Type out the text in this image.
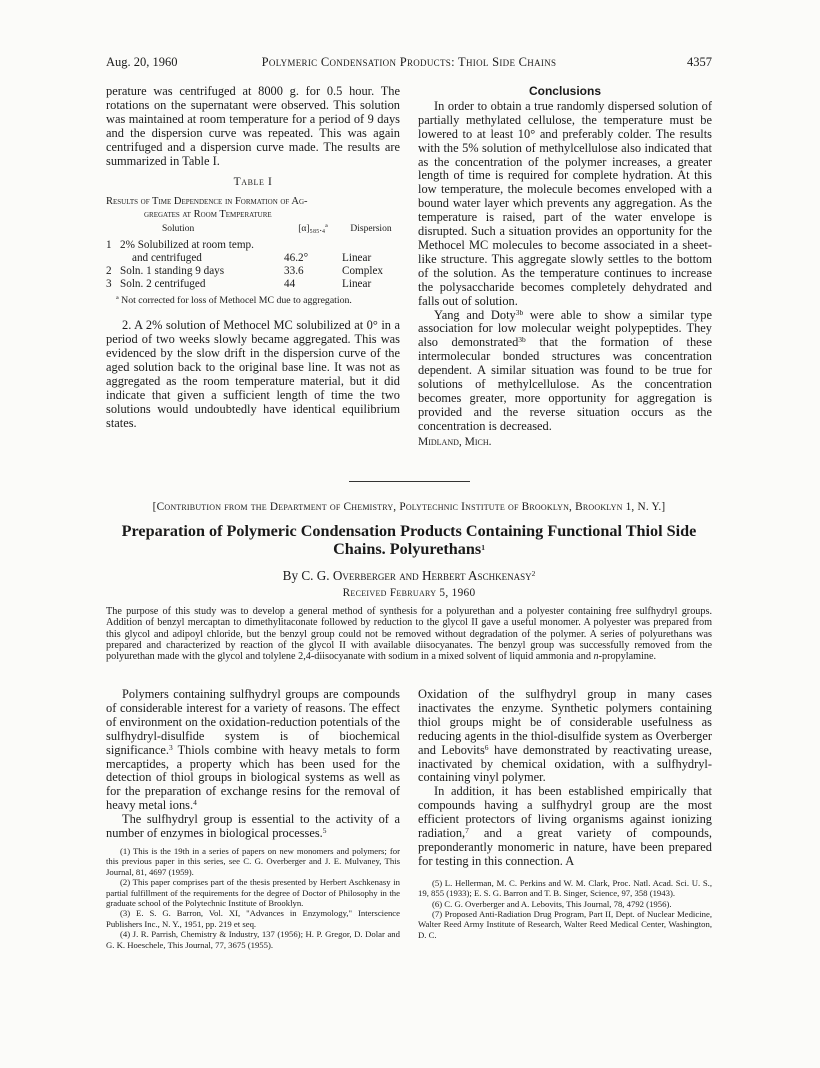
Aug. 20, 1960	Polymeric Condensation Products: Thiol Side Chains	4357

perature was centrifuged at 8000 g. for 0.5 hour. The rotations on the supernatant were observed. This solution was maintained at room temperature for a period of 9 days and the dispersion curve was repeated. This was again centrifuged and a dispersion curve made. The results are summarized in Table I.

Table I
Results of Time Dependence in Formation of Ag-
gregates at Room Temperature
	Solution	[α]₅₈₅.₄ª	Dispersion
1	2% Solubilized at room temp.		
	and centrifuged	46.2°	Linear
2	Soln. 1 standing 9 days	33.6	Complex
3	Soln. 2 centrifuged	44	Linear
ª Not corrected for loss of Methocel MC due to aggregation.

2. A 2% solution of Methocel MC solubilized at 0° in a period of two weeks slowly became aggregated. This was evidenced by the slow drift in the dispersion curve of the aged solution back to the original base line. It was not as aggregated as the room temperature material, but it did indicate that given a sufficient length of time the two solutions would undoubtedly have identical equilibrium states.

Conclusions

In order to obtain a true randomly dispersed solution of partially methylated cellulose, the temperature must be lowered to at least 10° and preferably colder. The results with the 5% solution of methylcellulose also indicated that as the concentration of the polymer increases, a greater length of time is required for complete hydration. At this low temperature, the molecule becomes enveloped with a bound water layer which prevents any aggregation. As the temperature is raised, part of the water envelope is disrupted. Such a situation provides an opportunity for the Methocel MC molecules to become associated in a sheet-like structure. This aggregate slowly settles to the bottom of the solution. As the temperature continues to increase the polysaccharide becomes completely dehydrated and falls out of solution.

Yang and Doty$^{3b}$ were able to show a similar type association for low molecular weight polypeptides. They also demonstrated$^{3b}$ that the formation of these intermolecular bonded structures was concentration dependent. A similar situation was found to be true for solutions of methylcellulose. As the concentration becomes greater, more opportunity for aggregation is provided and the reverse situation occurs as the concentration is decreased.

Midland, Mich.
[Contribution from the Department of Chemistry, Polytechnic Institute of Brooklyn, Brooklyn 1, N. Y.]
Preparation of Polymeric Condensation Products Containing Functional Thiol Side Chains. Polyurethans$^1$
By C. G. Overberger and Herbert Aschkenasy$^2$
Received February 5, 1960
The purpose of this study was to develop a general method of synthesis for a polyurethan and a polyester containing free sulfhydryl groups. Addition of benzyl mercaptan to dimethylitaconate followed by reduction to the glycol II gave a useful monomer. A polyester was prepared from this glycol and adipoyl chloride, but the benzyl group could not be removed without degradation of the polymer. A series of polyurethans was prepared and characterized by reaction of the glycol II with available diisocyanates. The benzyl group was successfully removed from the polyurethan made with the glycol and tolylene 2,4-diisocyanate with sodium in a mixed solvent of liquid ammonia and n-propylamine.

Polymers containing sulfhydryl groups are compounds of considerable interest for a variety of reasons. The effect of environment on the oxidation-reduction potentials of the sulfhydryl-disulfide system is of biochemical significance.$^3$ Thiols combine with heavy metals to form mercaptides, a property which has been used for the detection of thiol groups in biological systems as well as for the preparation of exchange resins for the removal of heavy metal ions.$^4$

The sulfhydryl group is essential to the activity of a number of enzymes in biological processes.$^5$

(1) This is the 19th in a series of papers on new monomers and polymers; for this previous paper in this series, see C. G. Overberger and J. E. Mulvaney, This Journal, 81, 4697 (1959).

(2) This paper comprises part of the thesis presented by Herbert Aschkenasy in partial fulfillment of the requirements for the degree of Doctor of Philosophy in the graduate school of the Polytechnic Institute of Brooklyn.

(3) E. S. G. Barron, Vol. XI, "Advances in Enzymology," Interscience Publishers Inc., N. Y., 1951, pp. 219 et seq.

(4) J. R. Parrish, Chemistry & Industry, 137 (1956); H. P. Gregor, D. Dolar and G. K. Hoeschele, This Journal, 77, 3675 (1955).

Oxidation of the sulfhydryl group in many cases inactivates the enzyme. Synthetic polymers containing thiol groups might be of considerable usefulness as reducing agents in the thiol-disulfide system as Overberger and Lebovits$^6$ have demonstrated by reactivating urease, inactivated by chemical oxidation, with a sulfhydryl-containing vinyl polymer.

In addition, it has been established empirically that compounds having a sulfhydryl group are the most efficient protectors of living organisms against ionizing radiation,$^7$ and a great variety of compounds, preponderantly monomeric in nature, have been prepared for testing in this connection. A

(5) L. Hellerman, M. C. Perkins and W. M. Clark, Proc. Natl. Acad. Sci. U. S., 19, 855 (1933); E. S. G. Barron and T. B. Singer, Science, 97, 358 (1943).

(6) C. G. Overberger and A. Lebovits, This Journal, 78, 4792 (1956).

(7) Proposed Anti-Radiation Drug Program, Part II, Dept. of Nuclear Medicine, Walter Reed Army Institute of Research, Walter Reed Medical Center, Washington, D. C.
